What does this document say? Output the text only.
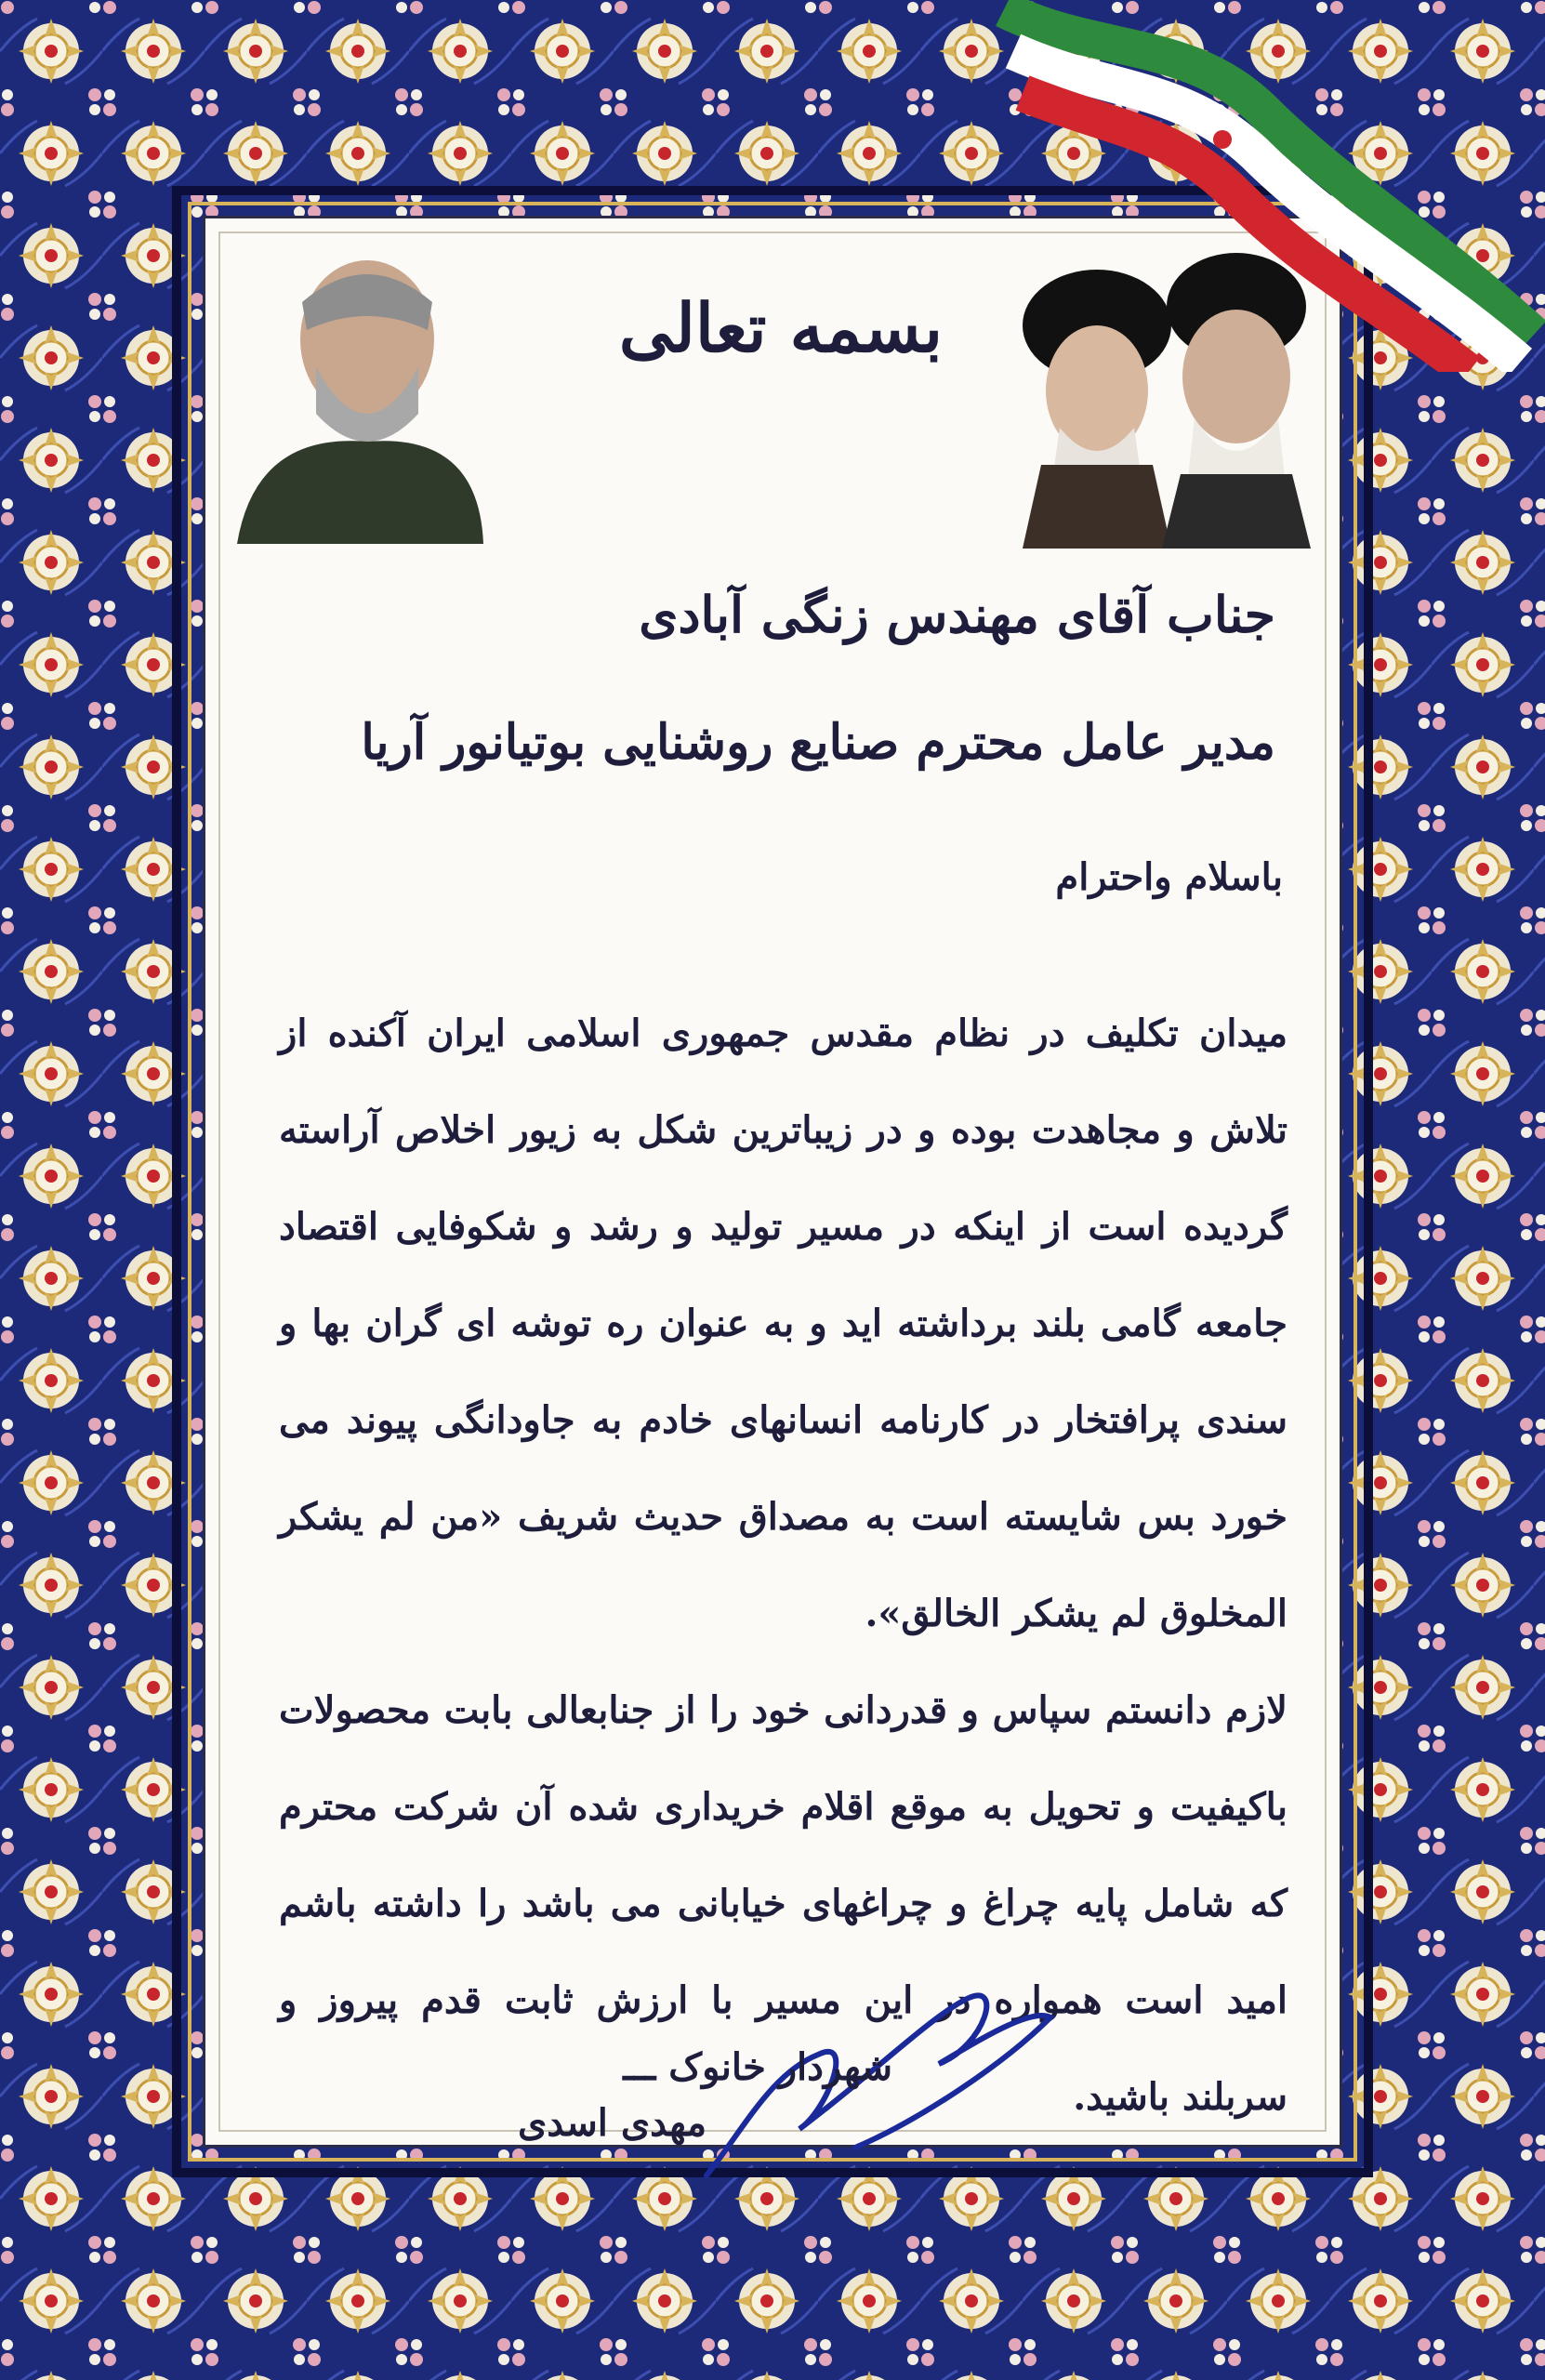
بسمه تعالی
جناب آقای مهندس زنگی آبادی
مدیر عامل محترم صنایع روشنایی بوتیانور آریا
باسلام واحترام

میدان تکلیف در نظام مقدس جمهوری اسلامی ایران آکنده از تلاش و مجاهدت بوده و در زیباترین شکل به زیور اخلاص آراسته گردیده است از اینکه در مسیر تولید و رشد و شکوفایی اقتصاد جامعه گامی بلند برداشته اید و به عنوان ره توشه ای گران بها و سندی پرافتخار در کارنامه انسانهای خادم به جاودانگی پیوند می خورد بس شایسته است به مصداق حدیث شریف «من لم یشکر المخلوق لم یشکر الخالق».

لازم دانستم سپاس و قدردانی خود را از جنابعالی بابت محصولات باکیفیت و تحویل به موقع اقلام خریداری شده آن شرکت محترم که شامل پایه چراغ و چراغهای خیابانی می باشد را داشته باشم امید است همواره در این مسیر با ارزش ثابت قدم پیروز و سربلند باشید.

شهردار خانوک ـــ
مهدی اسدی
